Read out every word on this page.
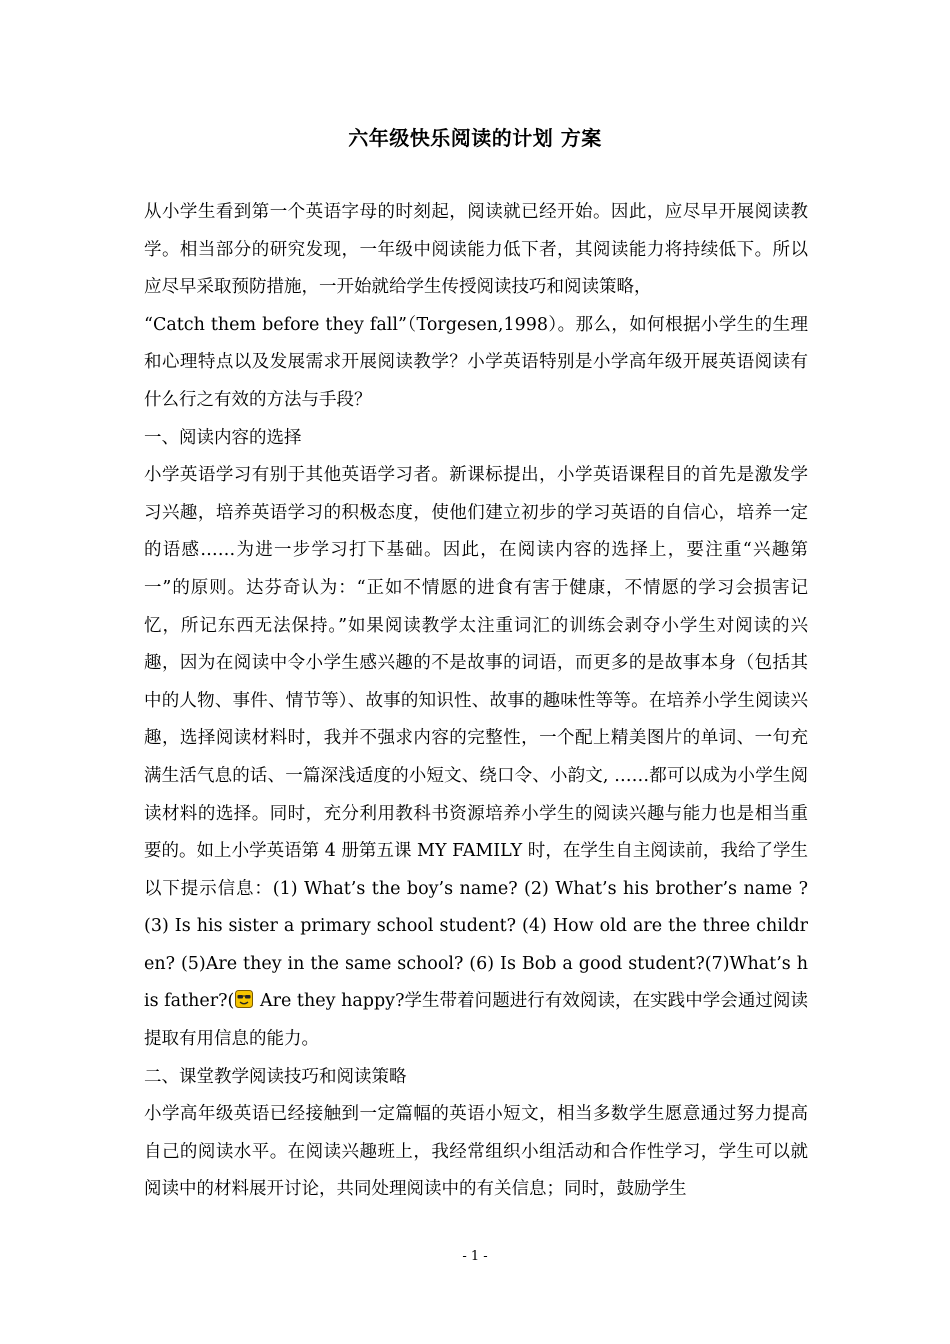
六年级快乐阅读的计划 方案

从小学生看到第一个英语字母的时刻起，阅读就已经开始。因此，应尽早开展阅读教学。相当部分的研究发现，一年级中阅读能力低下者，其阅读能力将持续低下。所以应尽早采取预防措施，一开始就给学生传授阅读技巧和阅读策略，

“Catch them before they fall”（Torgesen,1998）。那么，如何根据小学生的生理和心理特点以及发展需求开展阅读教学？小学英语特别是小学高年级开展英语阅读有什么行之有效的方法与手段？

一、阅读内容的选择

小学英语学习有别于其他英语学习者。新课标提出，小学英语课程目的首先是激发学习兴趣，培养英语学习的积极态度，使他们建立初步的学习英语的自信心，培养一定的语感……为进一步学习打下基础。因此，在阅读内容的选择上，要注重“兴趣第一”的原则。达芬奇认为：“正如不情愿的进食有害于健康，不情愿的学习会损害记忆，所记东西无法保持。”如果阅读教学太注重词汇的训练会剥夺小学生对阅读的兴趣，因为在阅读中令小学生感兴趣的不是故事的词语，而更多的是故事本身（包括其中的人物、事件、情节等）、故事的知识性、故事的趣味性等等。在培养小学生阅读兴趣，选择阅读材料时，我并不强求内容的完整性，一个配上精美图片的单词、一句充满生活气息的话、一篇深浅适度的小短文、绕口令、小韵文, ……都可以成为小学生阅读材料的选择。同时，充分利用教科书资源培养小学生的阅读兴趣与能力也是相当重要的。如上小学英语第 4 册第五课 MY FAMILY 时，在学生自主阅读前，我给了学生以下提示信息：(1) What’s the boy’s name? (2) What’s his brother’s name ? (3) Is his sister a primary school student? (4) How old are the three children? (5)Are they in the same school? (6) Is Bob a good student?(7)What’s his father?( Are they happy?学生带着问题进行有效阅读，在实践中学会通过阅读提取有用信息的能力。

二、课堂教学阅读技巧和阅读策略

小学高年级英语已经接触到一定篇幅的英语小短文，相当多数学生愿意通过努力提高自己的阅读水平。在阅读兴趣班上，我经常组织小组活动和合作性学习，学生可以就阅读中的材料展开讨论，共同处理阅读中的有关信息；同时，鼓励学生

- 1 -
